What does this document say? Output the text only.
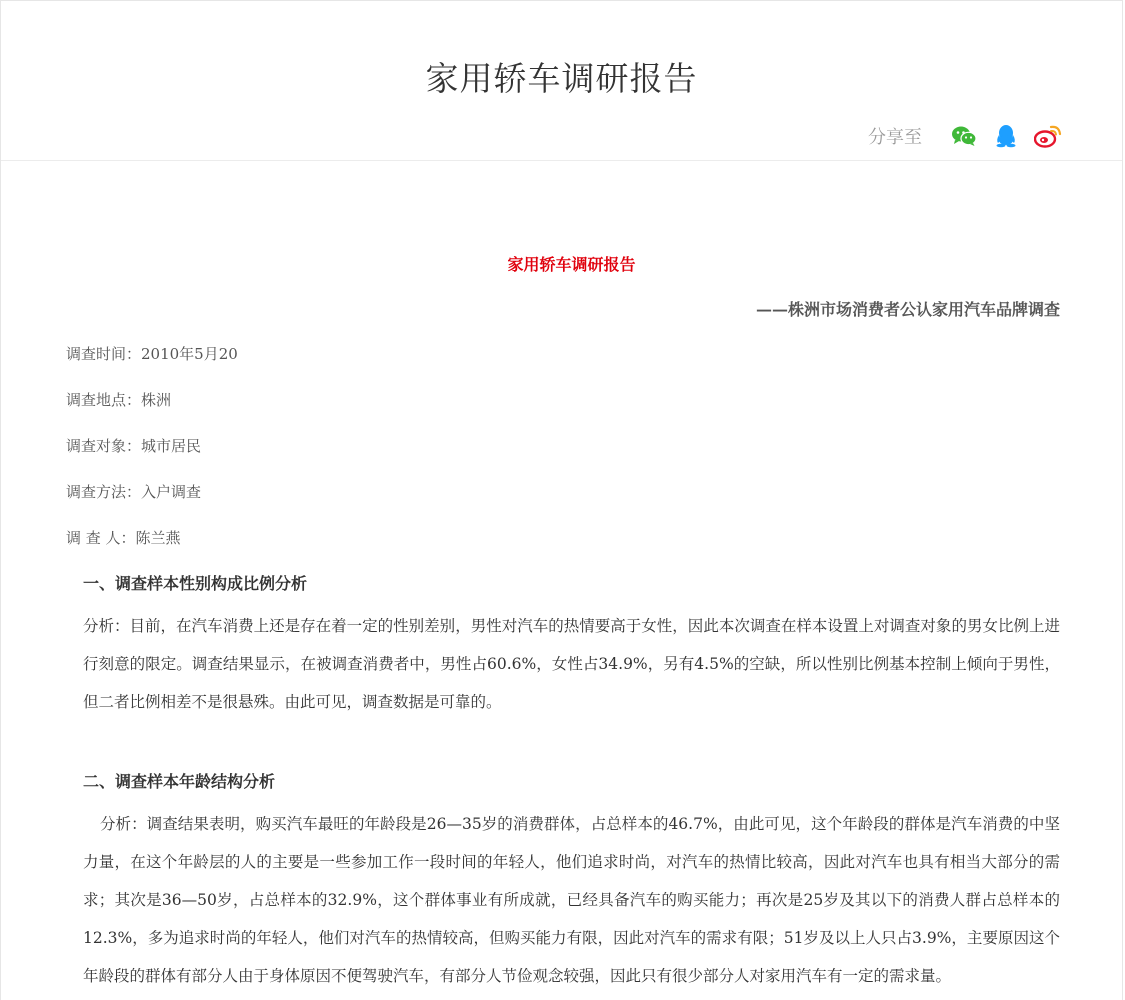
家用轿车调研报告
分享至
家用轿车调研报告
——株洲市场消费者公认家用汽车品牌调查
调查时间：2010年5月20
调查地点：株洲
调查对象：城市居民
调查方法：入户调查
调 查 人：陈兰燕
一、调查样本性别构成比例分析

分析：目前，在汽车消费上还是存在着一定的性别差别，男性对汽车的热情要高于女性，因此本次调查在样本设置上对调查对象的男女比例上进行刻意的限定。调查结果显示，在被调查消费者中，男性占60.6%，女性占34.9%，另有4.5%的空缺，所以性别比例基本控制上倾向于男性，但二者比例相差不是很悬殊。由此可见，调查数据是可靠的。

二、调查样本年龄结构分析

分析：调查结果表明，购买汽车最旺的年龄段是26—35岁的消费群体，占总样本的46.7%，由此可见，这个年龄段的群体是汽车消费的中坚力量，在这个年龄层的人的主要是一些参加工作一段时间的年轻人，他们追求时尚，对汽车的热情比较高，因此对汽车也具有相当大部分的需求；其次是36—50岁，占总样本的32.9%，这个群体事业有所成就，已经具备汽车的购买能力；再次是25岁及其以下的消费人群占总样本的12.3%，多为追求时尚的年轻人，他们对汽车的热情较高，但购买能力有限，因此对汽车的需求有限；51岁及以上人只占3.9%，主要原因这个年龄段的群体有部分人由于身体原因不便驾驶汽车，有部分人节俭观念较强，因此只有很少部分人对家用汽车有一定的需求量。
